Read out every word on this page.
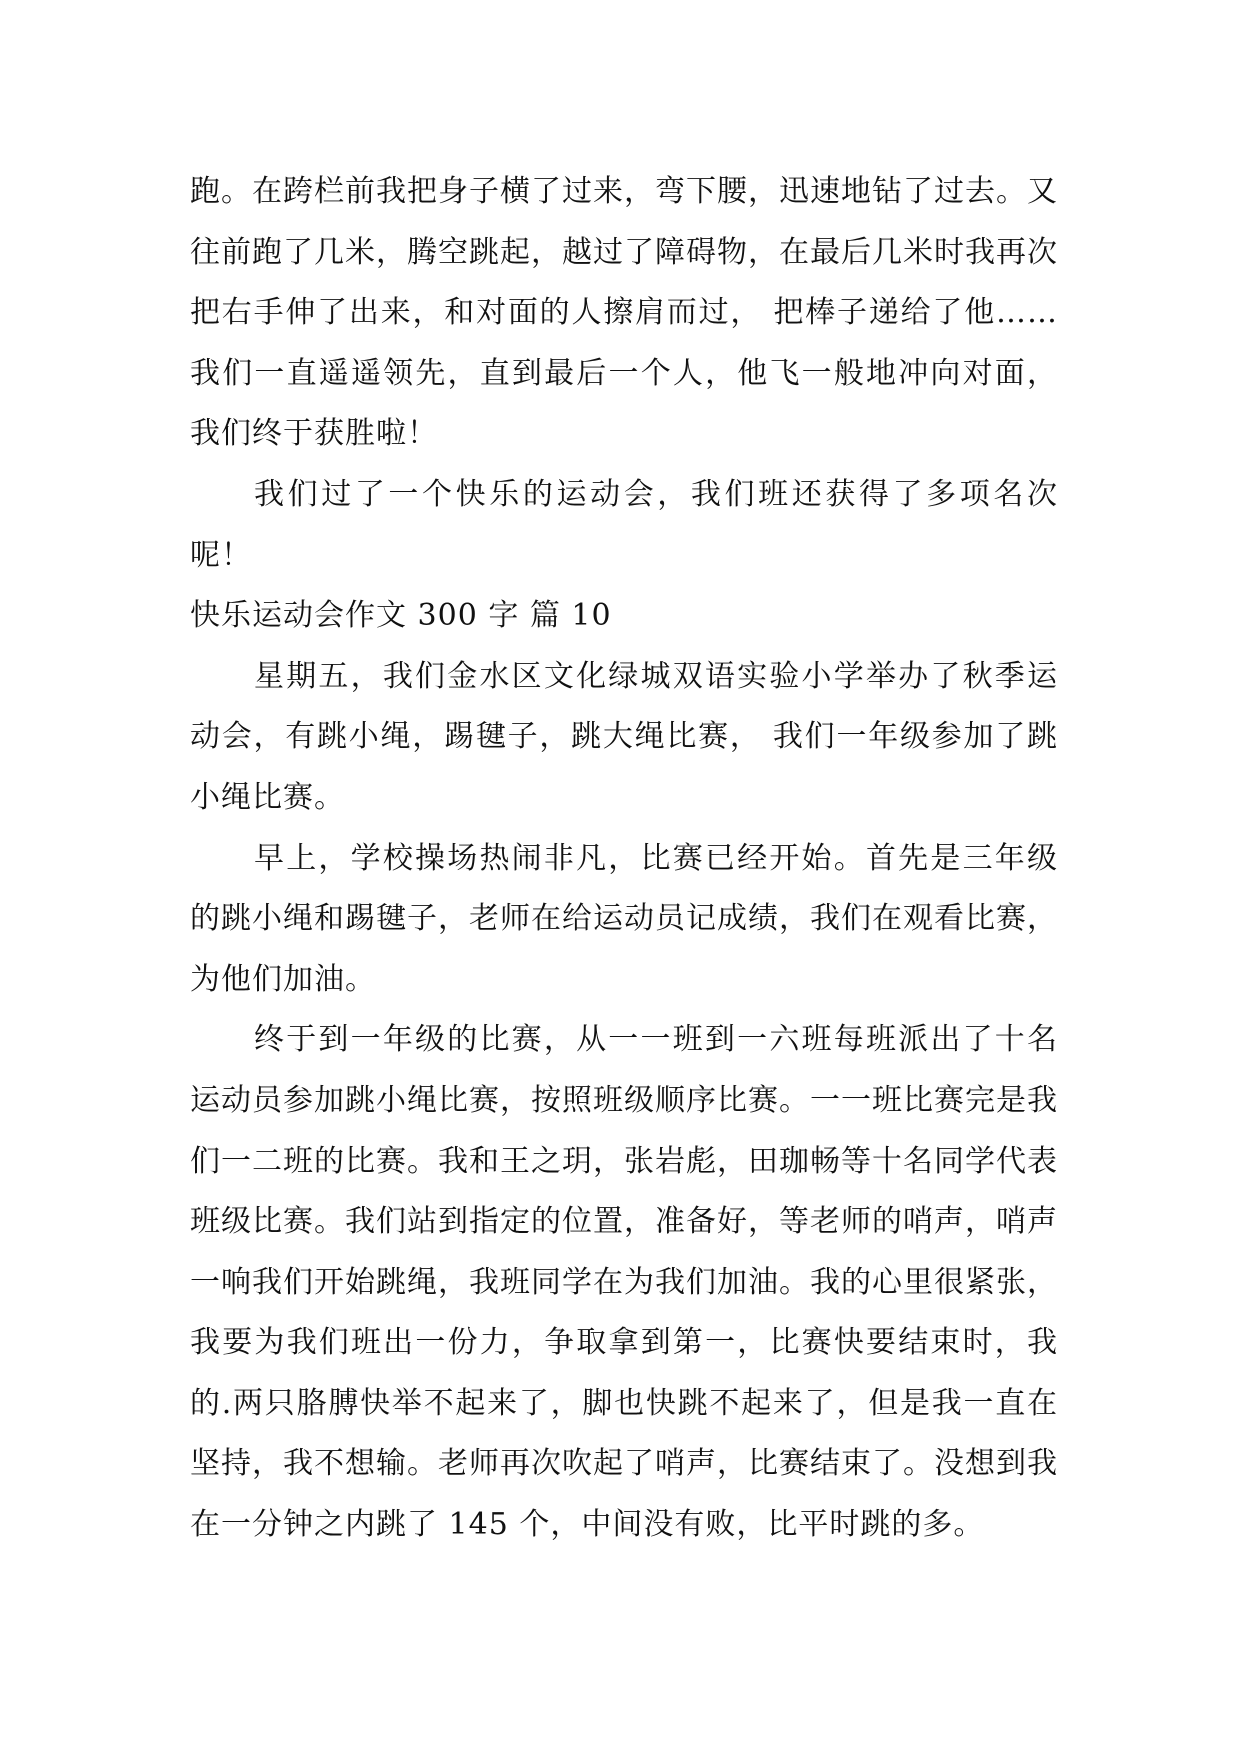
跑。在跨栏前我把身子横了过来，弯下腰，迅速地钻了过去。又往前跑了几米，腾空跳起，越过了障碍物，在最后几米时我再次把右手伸了出来，和对面的人擦肩而过， 把棒子递给了他……我们一直遥遥领先，直到最后一个人，他飞一般地冲向对面， 我们终于获胜啦！

我们过了一个快乐的运动会，我们班还获得了多项名次呢！

快乐运动会作文 300 字 篇 10

星期五，我们金水区文化绿城双语实验小学举办了秋季运动会，有跳小绳，踢毽子，跳大绳比赛， 我们一年级参加了跳小绳比赛。

早上，学校操场热闹非凡，比赛已经开始。首先是三年级的跳小绳和踢毽子，老师在给运动员记成绩，我们在观看比赛，为他们加油。

终于到一年级的比赛，从一一班到一六班每班派出了十名运动员参加跳小绳比赛，按照班级顺序比赛。一一班比赛完是我们一二班的比赛。我和王之玥，张岩彪，田珈畅等十名同学代表班级比赛。我们站到指定的位置，准备好，等老师的哨声，哨声一响我们开始跳绳，我班同学在为我们加油。我的心里很紧张，我要为我们班出一份力，争取拿到第一，比赛快要结束时，我的.两只胳膊快举不起来了，脚也快跳不起来了，但是我一直在坚持，我不想输。老师再次吹起了哨声，比赛结束了。没想到我在一分钟之内跳了 145 个，中间没有败，比平时跳的多。
